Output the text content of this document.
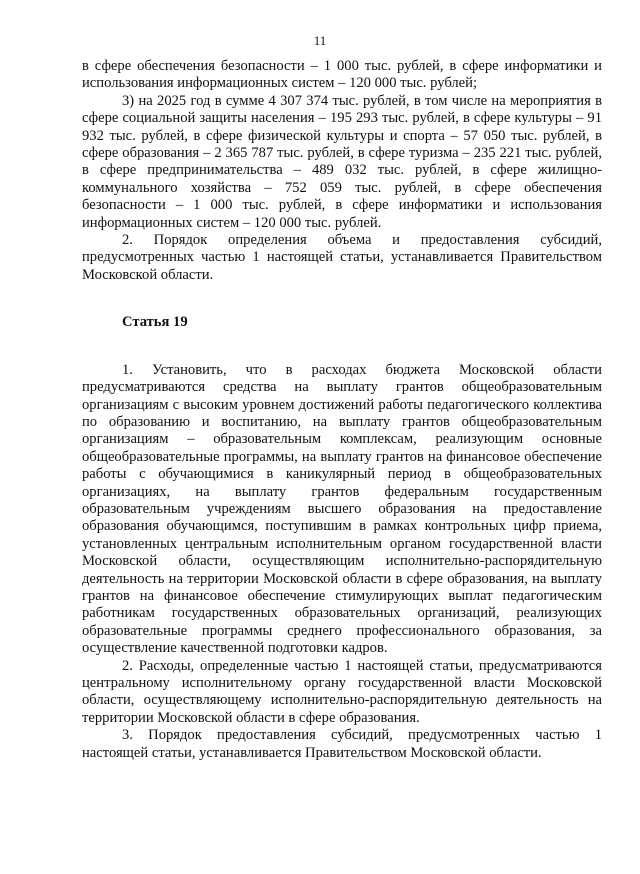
11

в сфере обеспечения безопасности – 1 000 тыс. рублей, в сфере информатики и использования информационных систем – 120 000 тыс. рублей;

3) на 2025 год в сумме 4 307 374 тыс. рублей, в том числе на мероприятия в сфере социальной защиты населения – 195 293 тыс. рублей, в сфере культуры – 91 932 тыс. рублей, в сфере физической культуры и спорта – 57 050 тыс. рублей, в сфере образования – 2 365 787 тыс. рублей, в сфере туризма – 235 221 тыс. рублей, в сфере предпринимательства – 489 032 тыс. рублей, в сфере жилищно-коммунального хозяйства – 752 059 тыс. рублей, в сфере обеспечения безопасности – 1 000 тыс. рублей, в сфере информатики и использования информационных систем – 120 000 тыс. рублей.

2. Порядок определения объема и предоставления субсидий, предусмотренных частью 1 настоящей статьи, устанавливается Правительством Московской области.

Статья 19

1. Установить, что в расходах бюджета Московской области предусматриваются средства на выплату грантов общеобразовательным организациям с высоким уровнем достижений работы педагогического коллектива по образованию и воспитанию, на выплату грантов общеобразовательным организациям – образовательным комплексам, реализующим основные общеобразовательные программы, на выплату грантов на финансовое обеспечение работы с обучающимися в каникулярный период в общеобразовательных организациях, на выплату грантов федеральным государственным образовательным учреждениям высшего образования на предоставление образования обучающимся, поступившим в рамках контрольных цифр приема, установленных центральным исполнительным органом государственной власти Московской области, осуществляющим исполнительно-распорядительную деятельность на территории Московской области в сфере образования, на выплату грантов на финансовое обеспечение стимулирующих выплат педагогическим работникам государственных образовательных организаций, реализующих образовательные программы среднего профессионального образования, за осуществление качественной подготовки кадров.

2. Расходы, определенные частью 1 настоящей статьи, предусматриваются центральному исполнительному органу государственной власти Московской области, осуществляющему исполнительно-распорядительную деятельность на территории Московской области в сфере образования.

3. Порядок предоставления субсидий, предусмотренных частью 1 настоящей статьи, устанавливается Правительством Московской области.
